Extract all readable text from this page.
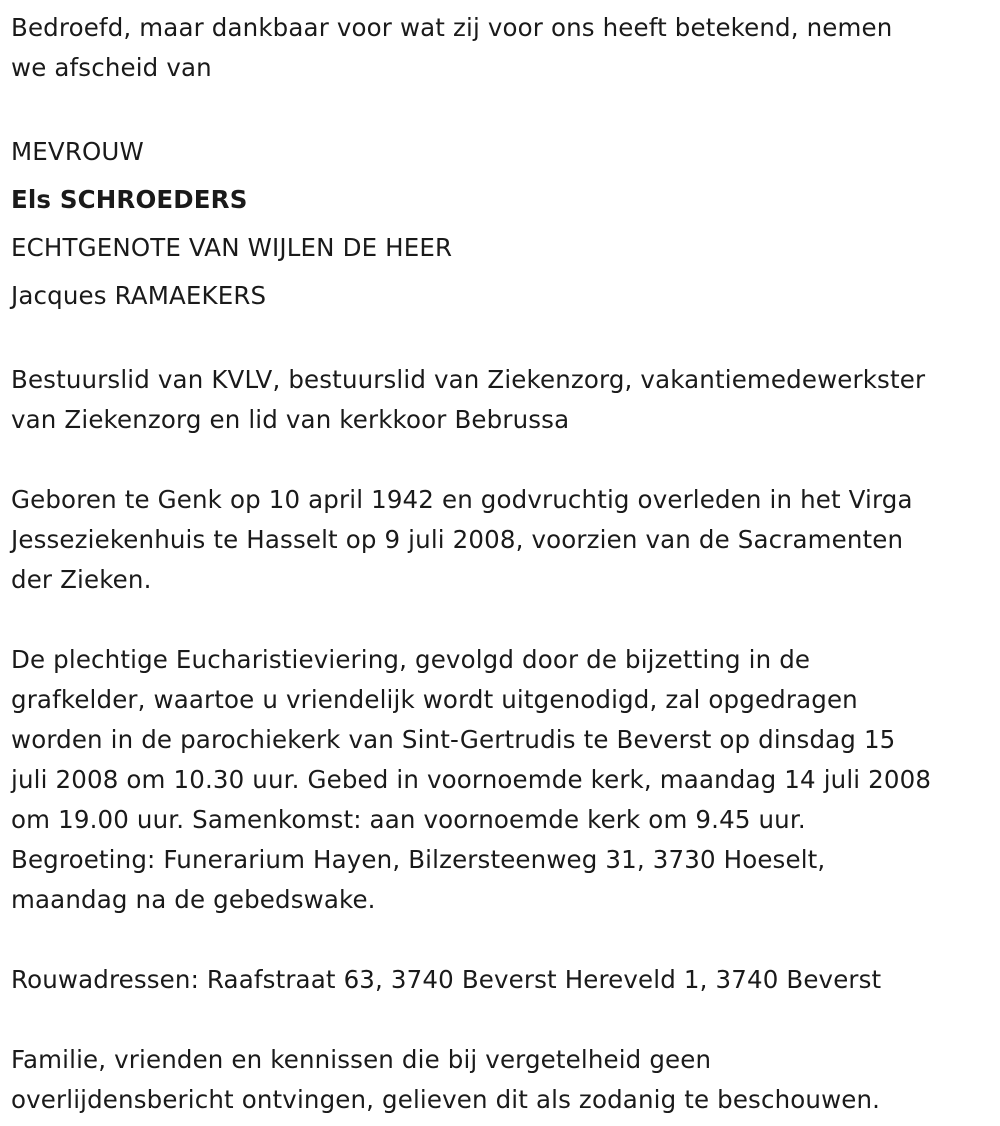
Bedroefd, maar dankbaar voor wat zij voor ons heeft betekend, nemen
we afscheid van

MEVROUW
Els SCHROEDERS
ECHTGENOTE VAN WIJLEN DE HEER
Jacques RAMAEKERS

Bestuurslid van KVLV, bestuurslid van Ziekenzorg, vakantiemedewerkster
van Ziekenzorg en lid van kerkkoor Bebrussa

Geboren te Genk op 10 april 1942 en godvruchtig overleden in het Virga
Jesseziekenhuis te Hasselt op 9 juli 2008, voorzien van de Sacramenten
der Zieken.

De plechtige Eucharistieviering, gevolgd door de bijzetting in de
grafkelder, waartoe u vriendelijk wordt uitgenodigd, zal opgedragen
worden in de parochiekerk van Sint-Gertrudis te Beverst op dinsdag 15
juli 2008 om 10.30 uur. Gebed in voornoemde kerk, maandag 14 juli 2008
om 19.00 uur. Samenkomst: aan voornoemde kerk om 9.45 uur.
Begroeting: Funerarium Hayen, Bilzersteenweg 31, 3730 Hoeselt,
maandag na de gebedswake.

Rouwadressen: Raafstraat 63, 3740 Beverst Hereveld 1, 3740 Beverst

Familie, vrienden en kennissen die bij vergetelheid geen
overlijdensbericht ontvingen, gelieven dit als zodanig te beschouwen.
